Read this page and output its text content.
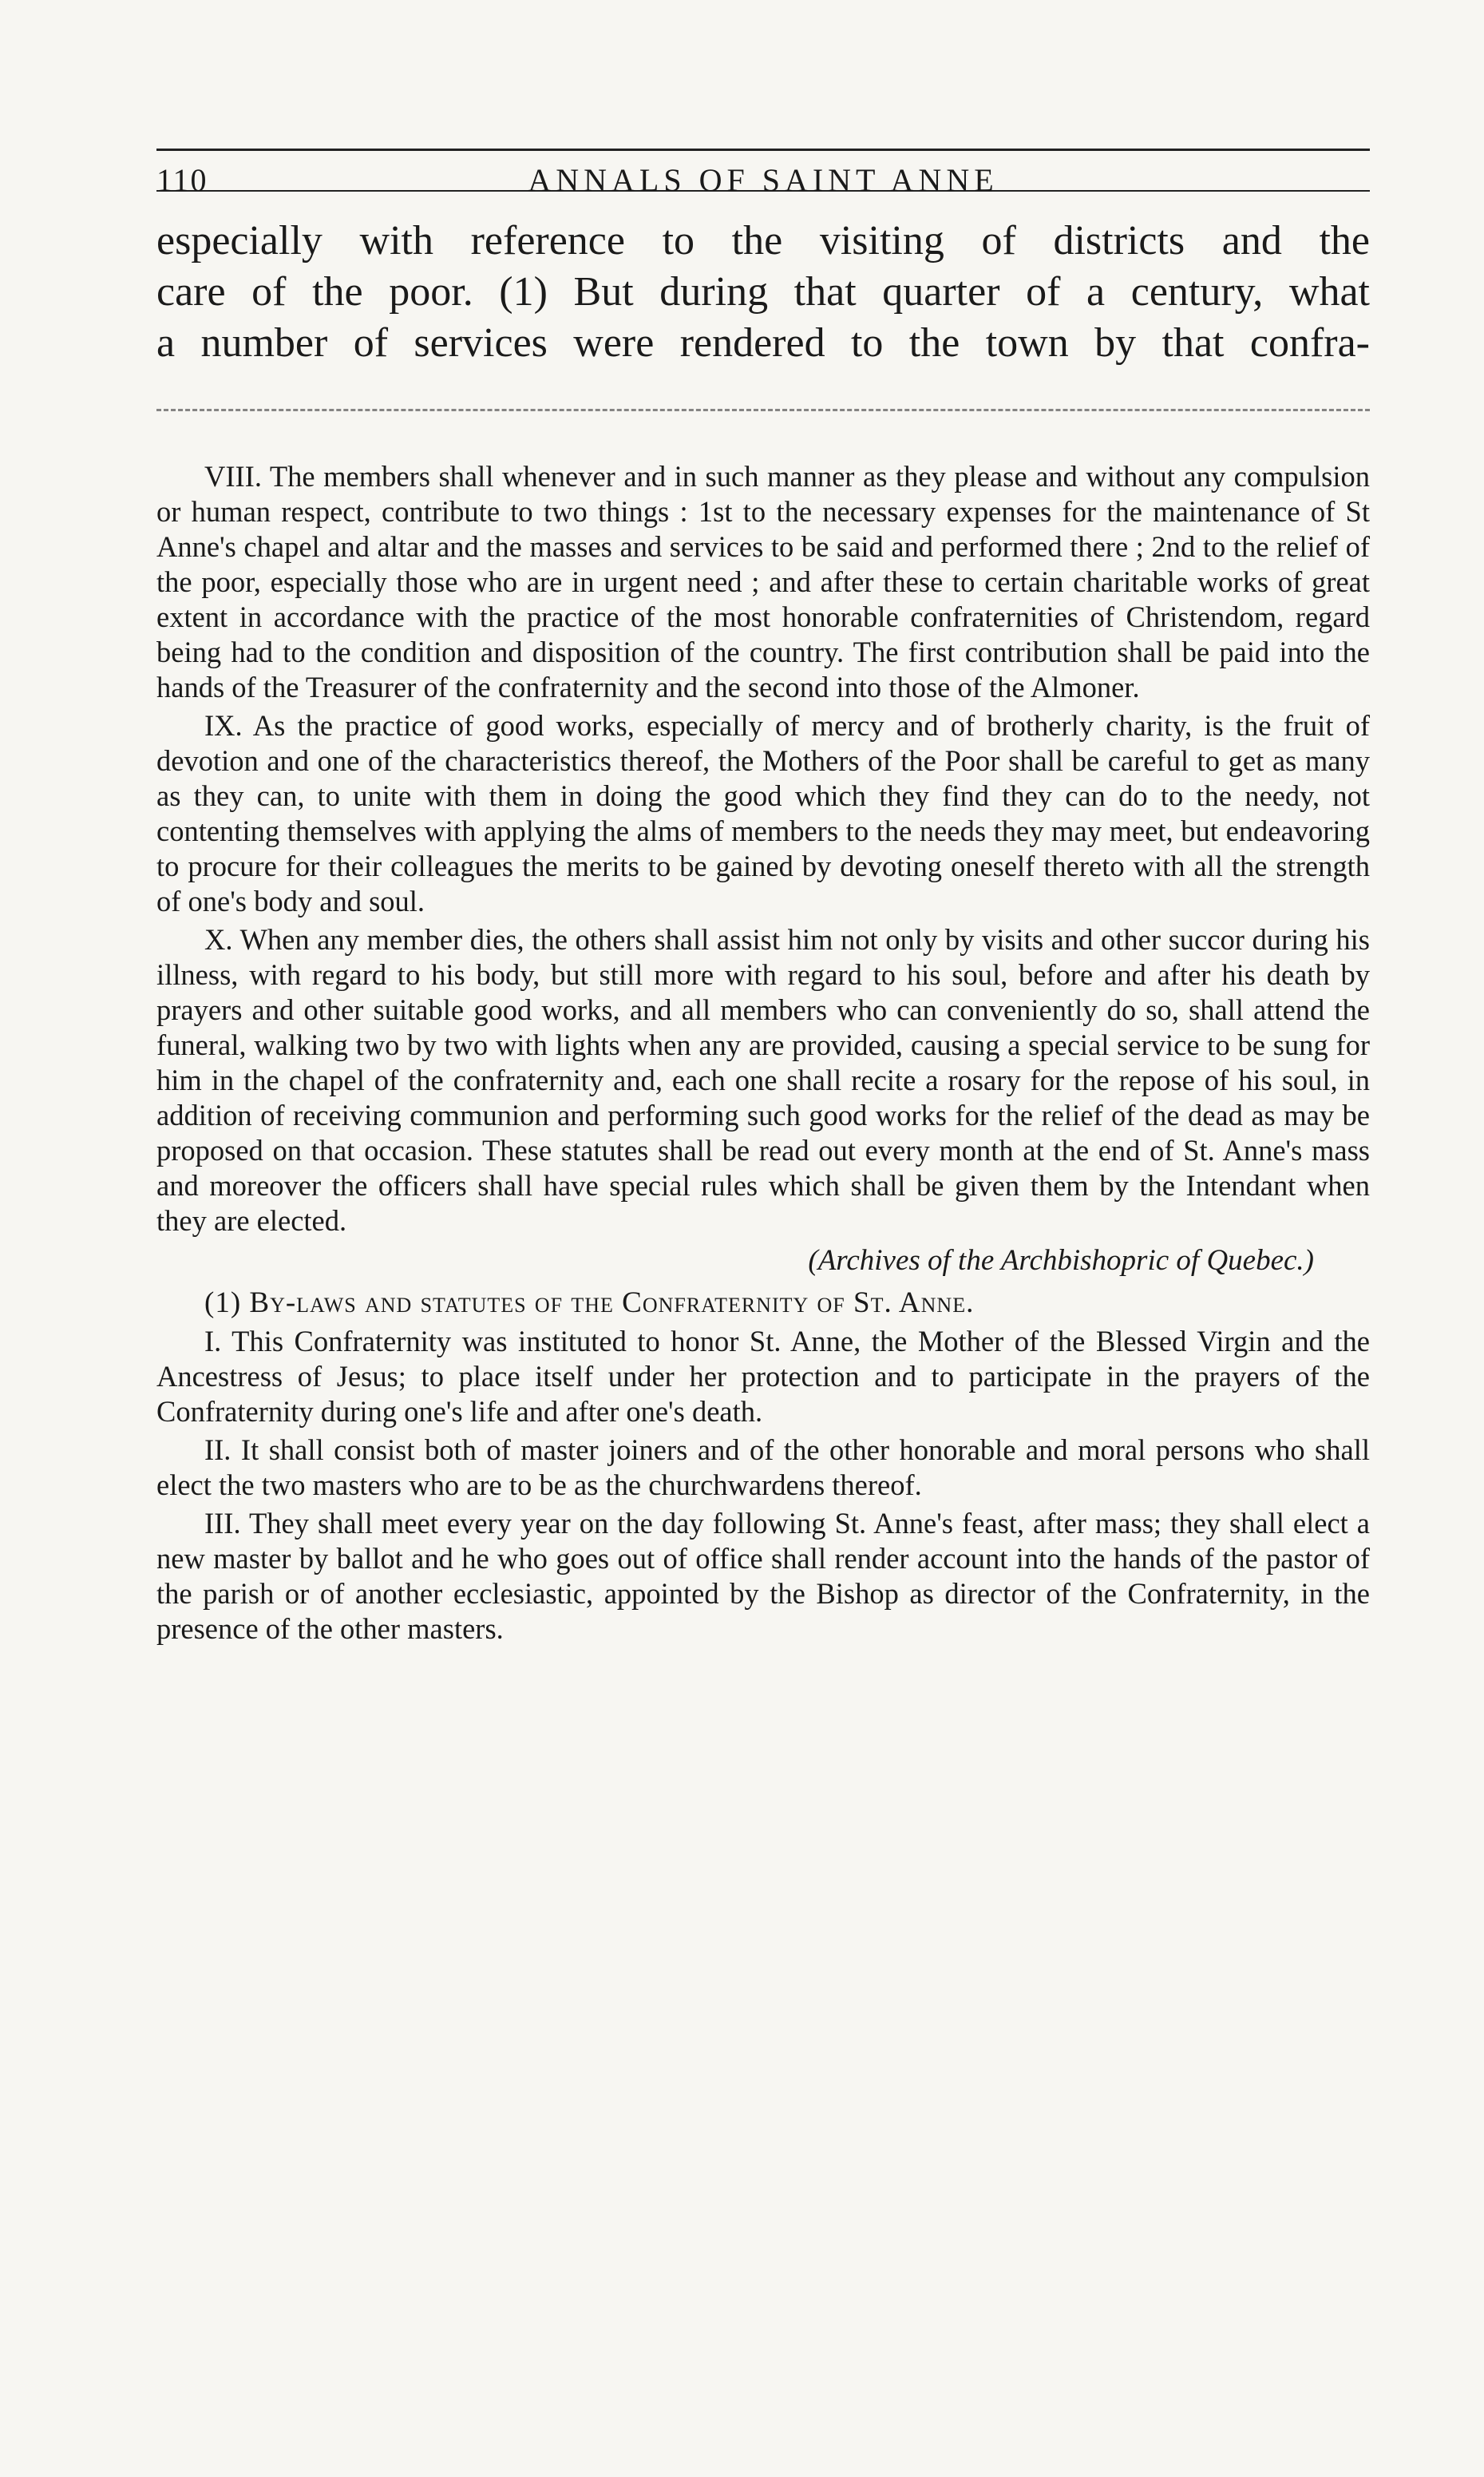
110	ANNALS OF SAINT ANNE
especially with reference to the visiting of districts and the
care of the poor. (1) But during that quarter of a century, what
a number of services were rendered to the town by that confra-

VIII. The members shall whenever and in such manner as they please and without any compulsion or human respect, contribute to two things : 1st to the necessary expenses for the maintenance of St Anne's chapel and altar and the masses and services to be said and performed there ; 2nd to the relief of the poor, especially those who are in urgent need ; and after these to certain charitable works of great extent in accordance with the practice of the most honorable confraternities of Christendom, regard being had to the condition and disposition of the country. The first contribution shall be paid into the hands of the Treasurer of the confraternity and the second into those of the Almoner.

IX. As the practice of good works, especially of mercy and of brotherly charity, is the fruit of devotion and one of the characteristics thereof, the Mothers of the Poor shall be careful to get as many as they can, to unite with them in doing the good which they find they can do to the needy, not contenting themselves with applying the alms of members to the needs they may meet, but endeavoring to procure for their colleagues the merits to be gained by devoting oneself thereto with all the strength of one's body and soul.

X. When any member dies, the others shall assist him not only by visits and other succor during his illness, with regard to his body, but still more with regard to his soul, before and after his death by prayers and other suitable good works, and all members who can conveniently do so, shall attend the funeral, walking two by two with lights when any are provided, causing a special service to be sung for him in the chapel of the confraternity and, each one shall recite a rosary for the repose of his soul, in addition of receiving communion and performing such good works for the relief of the dead as may be proposed on that occasion. These statutes shall be read out every month at the end of St. Anne's mass and moreover the officers shall have special rules which shall be given them by the Intendant when they are elected.

(Archives of the Archbishopric of Quebec.)
(1) By-laws and statutes of the Confraternity of St. Anne.

I. This Confraternity was instituted to honor St. Anne, the Mother of the Blessed Virgin and the Ancestress of Jesus; to place itself under her protection and to participate in the prayers of the Confraternity during one's life and after one's death.

II. It shall consist both of master joiners and of the other honorable and moral persons who shall elect the two masters who are to be as the churchwardens thereof.

III. They shall meet every year on the day following St. Anne's feast, after mass; they shall elect a new master by ballot and he who goes out of office shall render account into the hands of the pastor of the parish or of another ecclesiastic, appointed by the Bishop as director of the Confraternity, in the presence of the other masters.
